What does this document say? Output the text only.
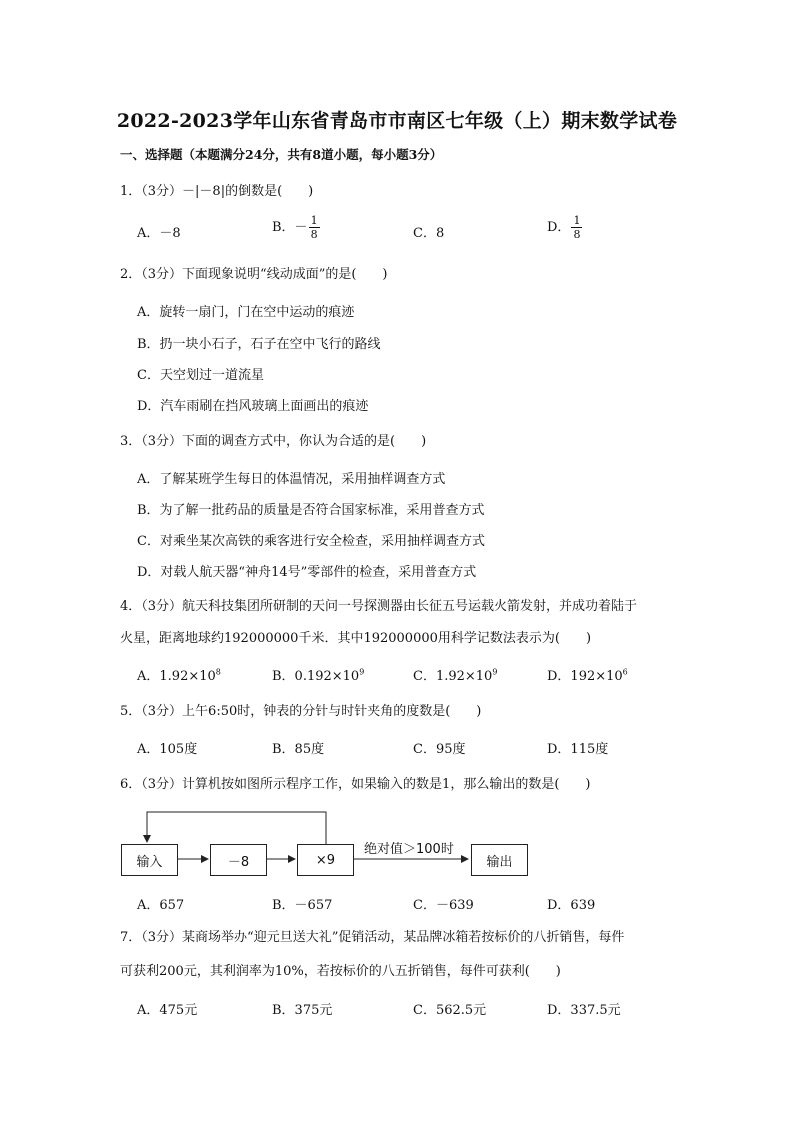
2022-2023学年山东省青岛市市南区七年级（上）期末数学试卷
一、选择题（本题满分24分，共有8道小题，每小题3分）
1．（3分）－|－8|的倒数是(　　)
A．－8	B．－ $\frac{1}{8}$	C．8	D． $\frac{1}{8}$
2．（3分）下面现象说明“线动成面”的是(　　)
A．旋转一扇门，门在空中运动的痕迹
B．扔一块小石子，石子在空中飞行的路线
C．天空划过一道流星
D．汽车雨刷在挡风玻璃上面画出的痕迹
3．（3分）下面的调查方式中，你认为合适的是(　　)
A．了解某班学生每日的体温情况，采用抽样调查方式
B．为了解一批药品的质量是否符合国家标准，采用普查方式
C．对乘坐某次高铁的乘客进行安全检查，采用抽样调查方式
D．对载人航天器“神舟14号”零部件的检查，采用普查方式
4．（3分）航天科技集团所研制的天问一号探测器由长征五号运载火箭发射，并成功着陆于
火星，距离地球约192000000千米．其中192000000用科学记数法表示为(　　)
A．$1.92\times 10^8$	B．$0.192\times 10^9$	C．$1.92\times 10^9$	D．$192\times 10^6$
5．（3分）上午6:50时，钟表的分针与时针夹角的度数是(　　)
A．105度	B．85度	C．95度	D．115度
6．（3分）计算机按如图所示程序工作，如果输入的数是1，那么输出的数是(　　)
输入	－8	×9
绝对值＞100时
输出
A．657	B．－657	C．－639	D．639
7．（3分）某商场举办“迎元旦送大礼”促销活动，某品牌冰箱若按标价的八折销售，每件
可获利200元，其利润率为10%，若按标价的八五折销售，每件可获利(　　)
A．475元	B．375元	C．562.5元	D．337.5元
